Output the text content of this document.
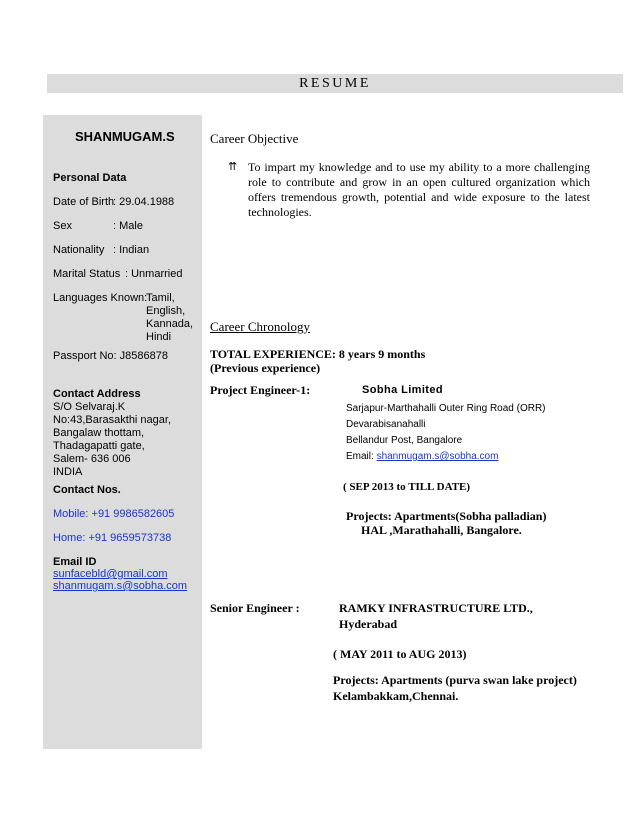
RESUME
SHANMUGAM.S
Personal Data
Date of Birth
: 29.04.1988
Sex	: Male
Nationality : Indian
Marital Status : Unmarried
Languages Known:
Tamil,
English,
Kannada,
Hindi
Passport No: J8586878
Contact Address
S/O Selvaraj.K
No:43,Barasakthi nagar,
Bangalaw thottam,
Thadagapatti gate,
Salem- 636 006
INDIA
Contact Nos.
Mobile: +91 9986582605
Home: +91 9659573738
Email ID
sunfacebld@gmail.com
shanmugam.s@sobha.com
Career Objective
⇈ To impart my knowledge and to use my ability to a more challenging role to contribute and grow in an open cultured organization which offers tremendous growth, potential and wide exposure to the latest technologies.
Career Chronology
TOTAL EXPERIENCE: 8 years 9 months
(Previous experience)
Project Engineer-1:	Sobha Limited
Sarjapur-Marthahalli Outer Ring Road (ORR)
Devarabisanahalli
Bellandur Post, Bangalore
Email: shanmugam.s@sobha.com
( SEP 2013 to TILL DATE)
Projects: Apartments(Sobha palladian)
HAL ,Marathahalli, Bangalore.
Senior Engineer :	RAMKY INFRASTRUCTURE LTD.,
Hyderabad
( MAY 2011 to AUG 2013)
Projects: Apartments (purva swan lake project)
Kelambakkam,Chennai.
